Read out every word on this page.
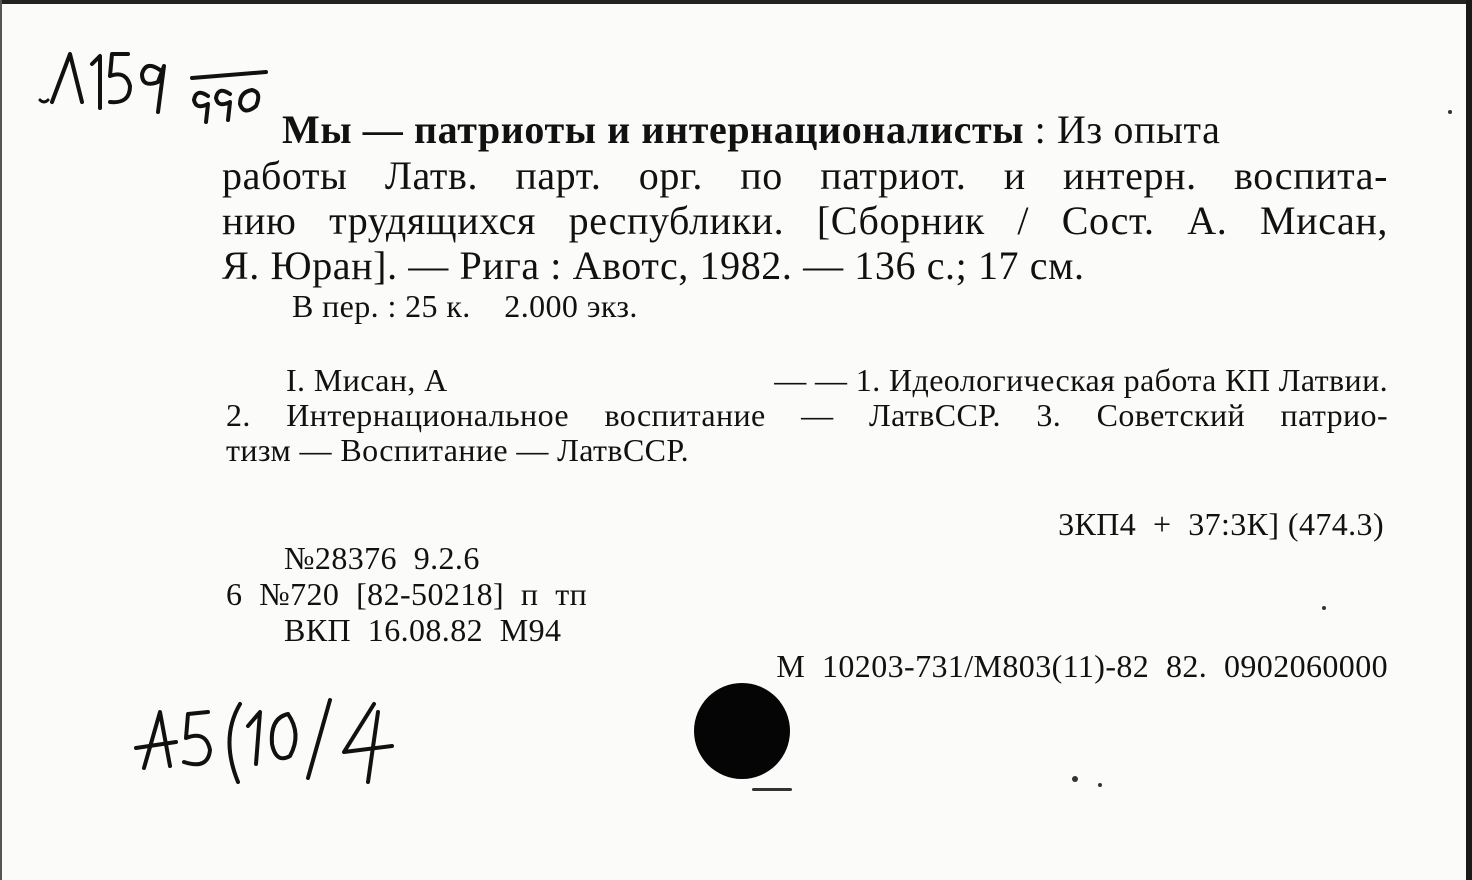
Мы — патриоты и интернационалисты : Из опыта

работы Латв. парт. орг. по патриот. и интерн. воспита-
нию трудящихся республики. [Сборник / Сост. А. Мисан,
Я. Юран]. — Рига : Авотс, 1982. — 136 с.; 17 см.
В пер. : 25 к.    2.000 экз.
I. Мисан, А	— — 1. Идеологическая работа КП Латвии.
2. Интернациональное воспитание — ЛатвССР. 3. Советский патрио-
тизм — Воспитание — ЛатвССР.
3КП4  +  37:3К] (474.3)
№28376  9.2.6
6  №720  [82-50218]  п  тп
ВКП  16.08.82  М94
М  10203-731/М803(11)-82  82.  0902060000
